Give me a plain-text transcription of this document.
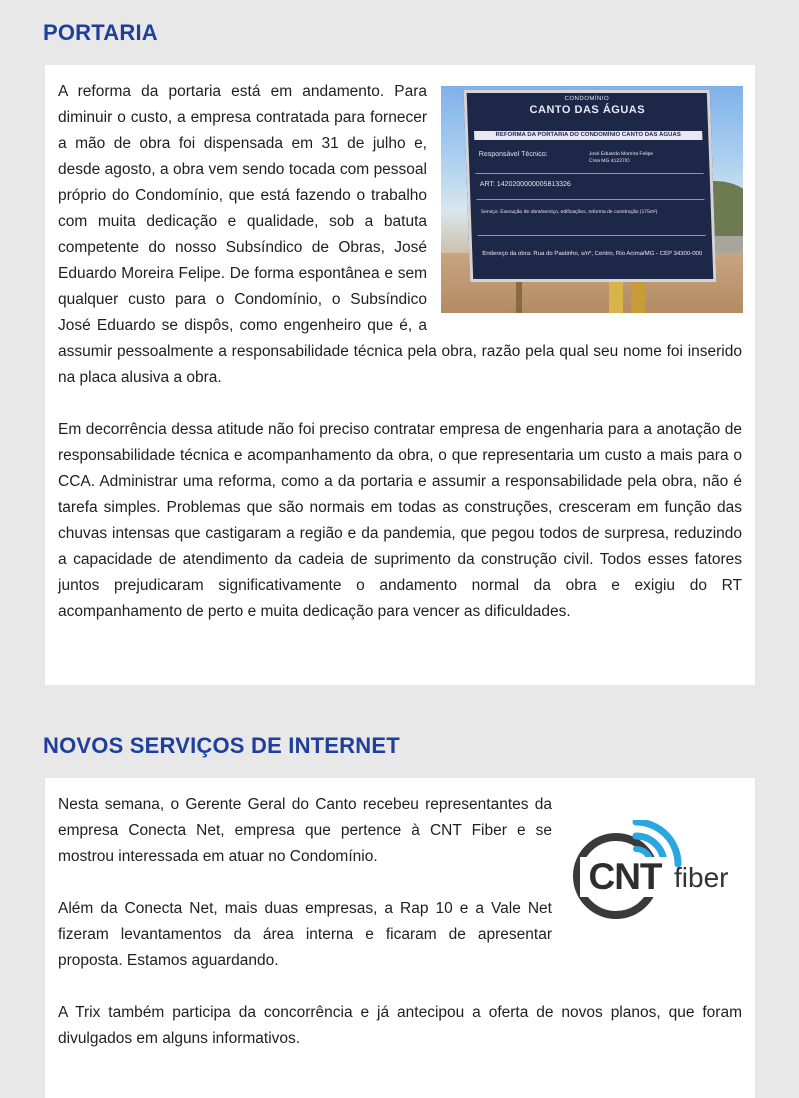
PORTARIA
CONDOMÍNIO
CANTO DAS ÁGUAS
REFORMA DA PORTARIA DO CONDOMÍNIO CANTO DAS ÁGUAS
Responsável Técnico:	José Eduardo Moreira Felipe
Crea MG 41227/D
ART: 1420200000005813326
Serviço: Execução de obra/serviço, edificações, reforma de construção (175m²)
Endereço da obra: Rua do Pastinho, s/nº, Centro, Rio Acima/MG - CEP 34300-000

A reforma da portaria está em andamento. Para diminuir o custo, a empresa contratada para fornecer a mão de obra foi dispensada em 31 de julho e, desde agosto, a obra vem sendo tocada com pessoal próprio do Condomínio, que está fazendo o trabalho com muita dedicação e qualidade, sob a batuta competente do nosso Subsíndico de Obras, José Eduardo Moreira Felipe. De forma espontânea e sem qualquer custo para o Condomínio, o Subsíndico José Eduardo se dispôs, como engenheiro que é, a assumir pessoalmente a responsabilidade técnica pela obra, razão pela qual seu nome foi inserido na placa alusiva a obra.

Em decorrência dessa atitude não foi preciso contratar empresa de engenharia para a anotação de responsabilidade técnica e acompanhamento da obra, o que representaria um custo a mais para o CCA. Administrar uma reforma, como a da portaria e assumir a responsabilidade pela obra, não é tarefa simples. Problemas que são normais em todas as construções, cresceram em função das chuvas intensas que castigaram a região e da pandemia, que pegou todos de surpresa, reduzindo a capacidade de atendimento da cadeia de suprimento da construção civil. Todos esses fatores juntos prejudicaram significativamente o andamento normal da obra e exigiu do RT acompanhamento de perto e muita dedicação para vencer as dificuldades.

NOVOS SERVIÇOS DE INTERNET
CNT fiber

Nesta semana, o Gerente Geral do Canto recebeu representantes da empresa Conecta Net, empresa que pertence à CNT Fiber e se mostrou interessada em atuar no Condomínio.

Além da Conecta Net, mais duas empresas, a Rap 10 e a Vale Net fizeram levantamentos da área interna e ficaram de apresentar proposta. Estamos aguardando.

A Trix também participa da concorrência e já antecipou a oferta de novos planos, que foram divulgados em alguns informativos.
